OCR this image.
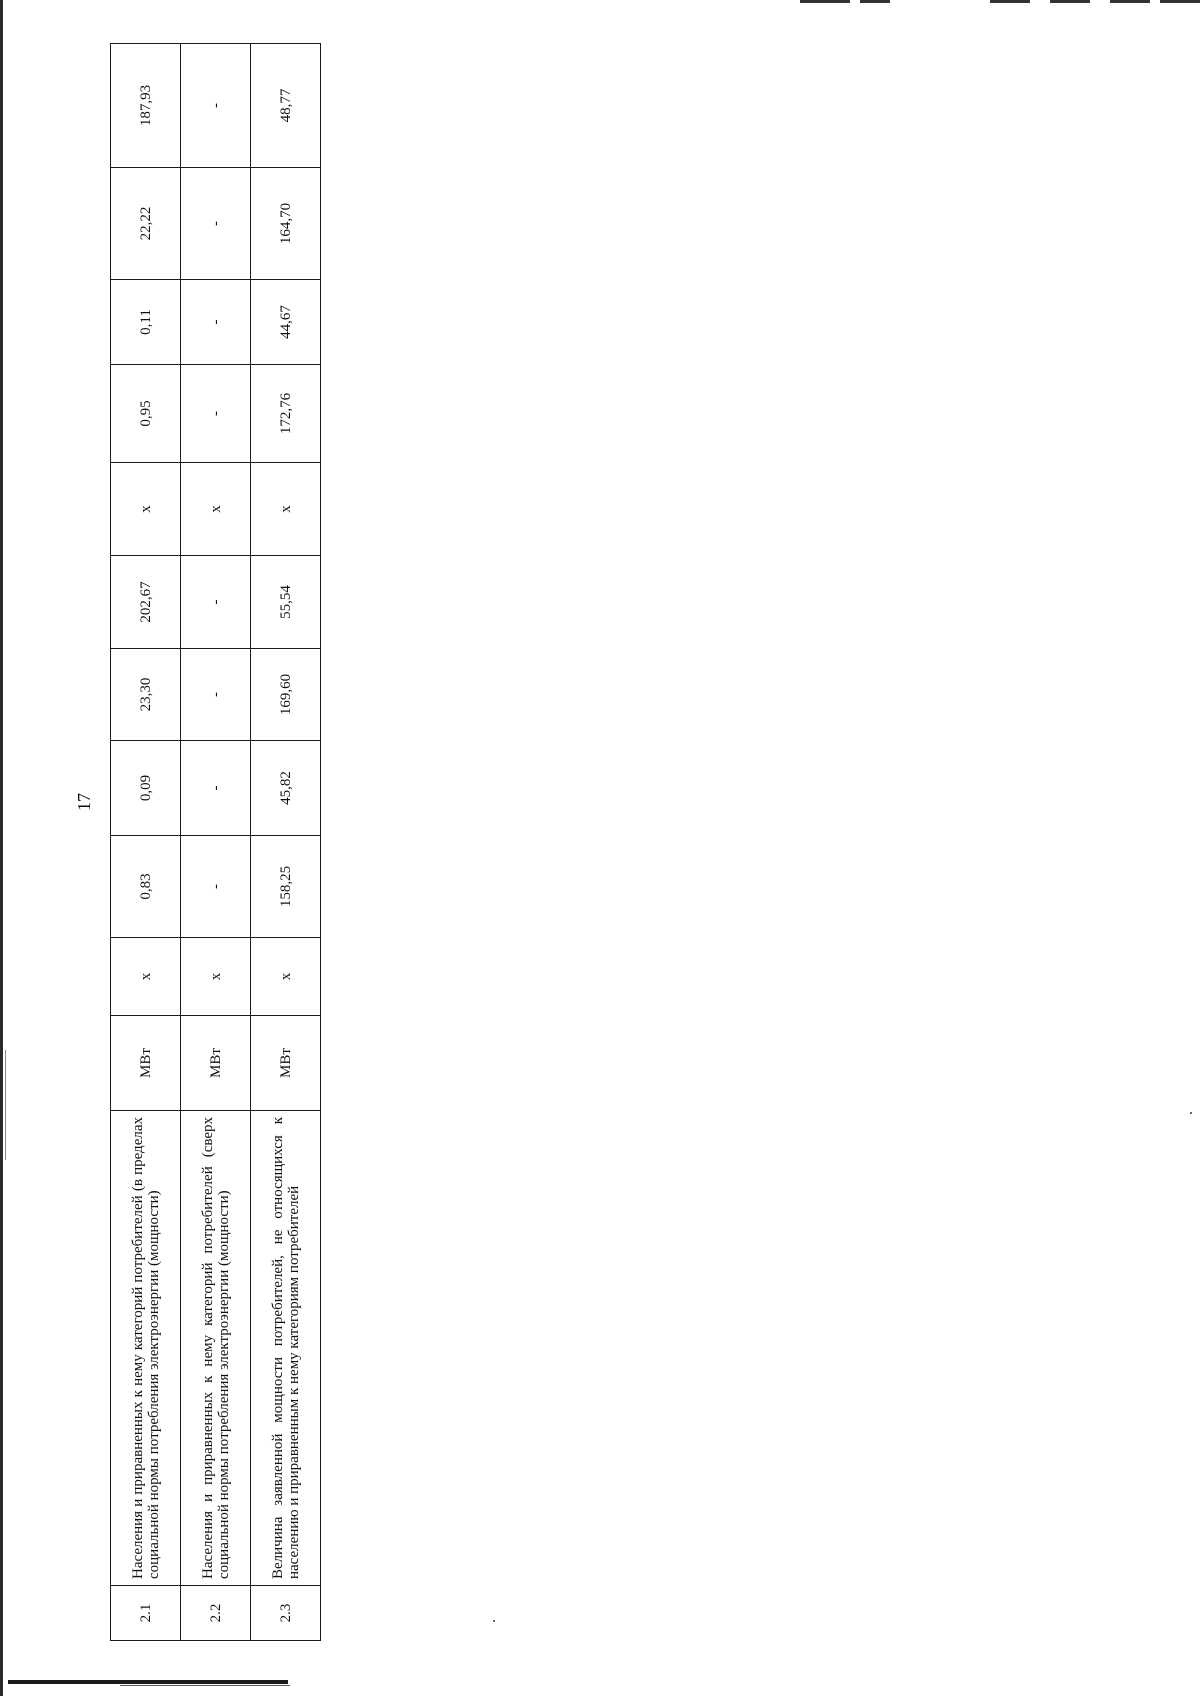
17
2.1	Населения и приравненных к нему категорий потребителей (в пределах социальной нормы потребления электроэнергии (мощности)	МВт	x	0,83	0,09	23,30	202,67	x	0,95	0,11	22,22	187,93
2.2	Населения и приравненных к нему категорий потребителей (сверх социальной нормы потребления электроэнергии (мощности)	МВт	x	-	-	-	-	x	-	-	-	-
2.3	Величина заявленной мощности потребителей, не относящихся к населению и приравненным к нему категориям потребителей	МВт	x	158,25	45,82	169,60	55,54	x	172,76	44,67	164,70	48,77
